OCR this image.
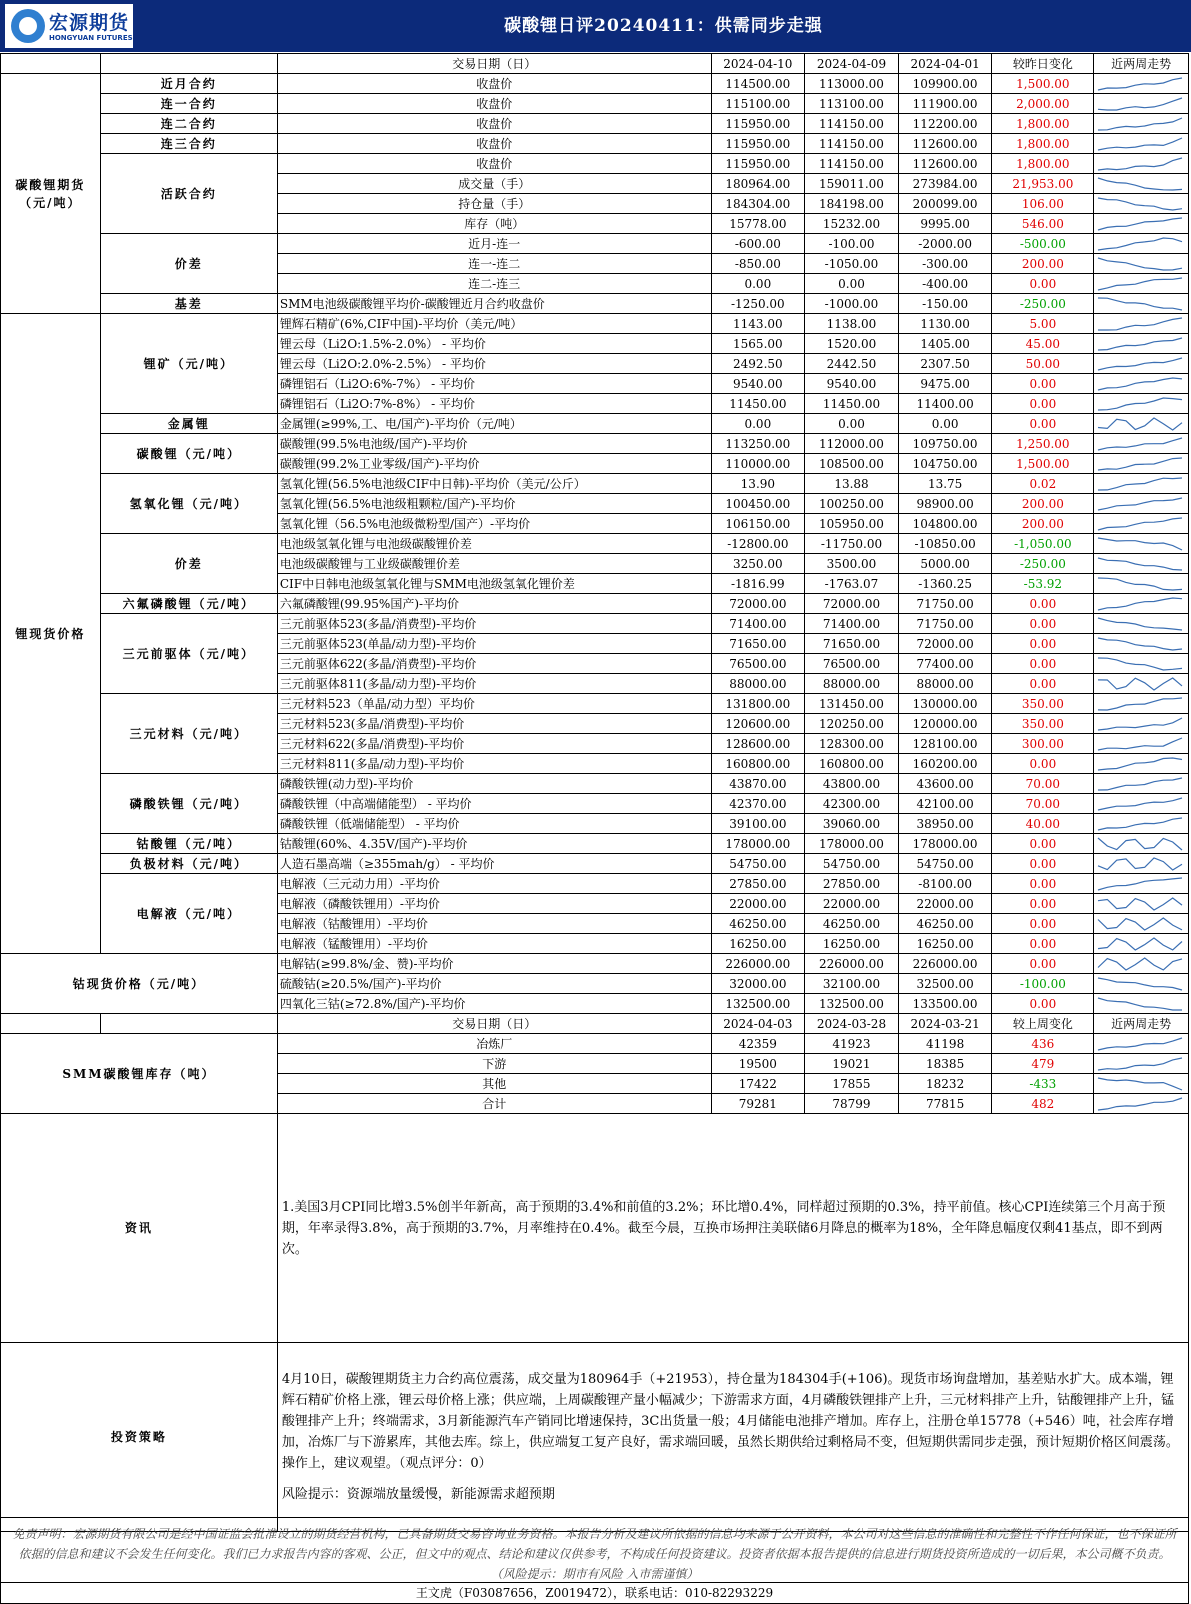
宏源期货
HONGYUAN FUTURES
碳酸锂日评20240411：供需同步走强
		交易日期（日）	2024-04-10	2024-04-09	2024-04-01	较昨日变化	近两周走势
碳酸锂期货
（元/吨）	近月合约	收盘价	114500.00	113000.00	109900.00	1,500.00	

	连一合约	收盘价	115100.00	113100.00	111900.00	2,000.00	

	连二合约	收盘价	115950.00	114150.00	112200.00	1,800.00	

	连三合约	收盘价	115950.00	114150.00	112600.00	1,800.00	

	活跃合约	收盘价	115950.00	114150.00	112600.00	1,800.00	

		成交量（手）	180964.00	159011.00	273984.00	21,953.00	

		持仓量（手）	184304.00	184198.00	200099.00	106.00	

		库存（吨）	15778.00	15232.00	9995.00	546.00	

	价差	近月-连一	-600.00	-100.00	-2000.00	-500.00	

		连一-连二	-850.00	-1050.00	-300.00	200.00	

		连二-连三	0.00	0.00	-400.00	0.00	

	基差	SMM电池级碳酸锂平均价-碳酸锂近月合约收盘价	-1250.00	-1000.00	-150.00	-250.00	

锂现货价格	锂矿（元/吨）	锂辉石精矿(6%,CIF中国)-平均价（美元/吨）	1143.00	1138.00	1130.00	5.00	

		锂云母（Li2O:1.5%-2.0%） - 平均价	1565.00	1520.00	1405.00	45.00	

		锂云母（Li2O:2.0%-2.5%） - 平均价	2492.50	2442.50	2307.50	50.00	

		磷锂铝石（Li2O:6%-7%） - 平均价	9540.00	9540.00	9475.00	0.00	

		磷锂铝石（Li2O:7%-8%） - 平均价	11450.00	11450.00	11400.00	0.00	

	金属锂	金属锂(≥99%,工、电/国产)-平均价（元/吨）	0.00	0.00	0.00	0.00	

	碳酸锂（元/吨）	碳酸锂(99.5%电池级/国产)-平均价	113250.00	112000.00	109750.00	1,250.00	

		碳酸锂(99.2%工业零级/国产)-平均价	110000.00	108500.00	104750.00	1,500.00	

	氢氧化锂（元/吨）	氢氧化锂(56.5%电池级CIF中日韩)-平均价（美元/公斤）	13.90	13.88	13.75	0.02	

		氢氧化锂(56.5%电池级粗颗粒/国产)-平均价	100450.00	100250.00	98900.00	200.00	

		氢氧化锂（56.5%电池级微粉型/国产）-平均价	106150.00	105950.00	104800.00	200.00	

	价差	电池级氢氧化锂与电池级碳酸锂价差	-12800.00	-11750.00	-10850.00	-1,050.00	

		电池级碳酸锂与工业级碳酸锂价差	3250.00	3500.00	5000.00	-250.00	

		CIF中日韩电池级氢氧化锂与SMM电池级氢氧化锂价差	-1816.99	-1763.07	-1360.25	-53.92	

	六氟磷酸锂（元/吨）	六氟磷酸锂(99.95%国产)-平均价	72000.00	72000.00	71750.00	0.00	

	三元前驱体（元/吨）	三元前驱体523(多晶/消费型)-平均价	71400.00	71400.00	71750.00	0.00	

		三元前驱体523(单晶/动力型)-平均价	71650.00	71650.00	72000.00	0.00	

		三元前驱体622(多晶/消费型)-平均价	76500.00	76500.00	77400.00	0.00	

		三元前驱体811(多晶/动力型)-平均价	88000.00	88000.00	88000.00	0.00	

	三元材料（元/吨）	三元材料523（单晶/动力型）平均价	131800.00	131450.00	130000.00	350.00	

		三元材料523(多晶/消费型)-平均价	120600.00	120250.00	120000.00	350.00	

		三元材料622(多晶/消费型)-平均价	128600.00	128300.00	128100.00	300.00	

		三元材料811(多晶/动力型)-平均价	160800.00	160800.00	160200.00	0.00	

	磷酸铁锂（元/吨）	磷酸铁锂(动力型)-平均价	43870.00	43800.00	43600.00	70.00	

		磷酸铁锂（中高端储能型） - 平均价	42370.00	42300.00	42100.00	70.00	

		磷酸铁锂（低端储能型） - 平均价	39100.00	39060.00	38950.00	40.00	

	钴酸锂（元/吨）	钴酸锂(60%、4.35V/国产)-平均价	178000.00	178000.00	178000.00	0.00	

	负极材料（元/吨）	人造石墨高端（≥355mah/g） - 平均价	54750.00	54750.00	54750.00	0.00	

	电解液（元/吨）	电解液（三元动力用）-平均价	27850.00	27850.00	-8100.00	0.00	

		电解液（磷酸铁锂用）-平均价	22000.00	22000.00	22000.00	0.00	

		电解液（钴酸锂用）-平均价	46250.00	46250.00	46250.00	0.00	

		电解液（锰酸锂用）-平均价	16250.00	16250.00	16250.00	0.00	

钴现货价格（元/吨）		电解钴(≥99.8%/金、赞)-平均价	226000.00	226000.00	226000.00	0.00	

		硫酸钴(≥20.5%/国产)-平均价	32000.00	32100.00	32500.00	-100.00	

		四氧化三钴(≥72.8%/国产)-平均价	132500.00	132500.00	133500.00	0.00	

		交易日期（日）	2024-04-03	2024-03-28	2024-03-21	较上周变化	近两周走势
SMM碳酸锂库存（吨）		冶炼厂	42359	41923	41198	436	

		下游	19500	19021	18385	479	

		其他	17422	17855	18232	-433	

		合计	79281	78799	77815	482	

资讯		1.美国3月CPI同比增3.5%创半年新高，高于预期的3.4%和前值的3.2%；环比增0.4%，同样超过预期的0.3%，持平前值。核心CPI连续第三个月高于预期，年率录得3.8%，高于预期的3.7%，月率维持在0.4%。截至今晨，互换市场押注美联储6月降息的概率为18%，全年降息幅度仅剩41基点，即不到两次。					
投资策略		4月10日，碳酸锂期货主力合约高位震荡，成交量为180964手（+21953），持仓量为184304手(+106)。现货市场询盘增加，基差贴水扩大。成本端，锂辉石精矿价格上涨，锂云母价格上涨；供应端，上周碳酸锂产量小幅减少；下游需求方面，4月磷酸铁锂排产上升，三元材料排产上升，钴酸锂排产上升，锰酸锂排产上升；终端需求，3月新能源汽车产销同比增速保持，3C出货量一般；4月储能电池排产增加。库存上，注册仓单15778（+546）吨，社会库存增加，冶炼厂与下游累库，其他去库。综上，供应端复工复产良好，需求端回暖，虽然长期供给过剩格局不变，但短期供需同步走强，预计短期价格区间震荡。操作上，建议观望。（观点评分：0）

风险提示：资源端放量缓慢，新能源需求超预期					

免责声明：宏源期货有限公司是经中国证监会批准设立的期货经营机构，已具备期货交易咨询业务资格。本报告分析及建议所依据的信息均来源于公开资料，本公司对这些信息的准确性和完整性不作任何保证，也不保证所依据的信息和建议不会发生任何变化。我们已力求报告内容的客观、公正，但文中的观点、结论和建议仅供参考，不构成任何投资建议。投资者依据本报告提供的信息进行期货投资所造成的一切后果，本公司概不负责。（风险提示：期市有风险 入市需谨慎）
王文虎（F03087656，Z0019472），联系电话：010-82293229
